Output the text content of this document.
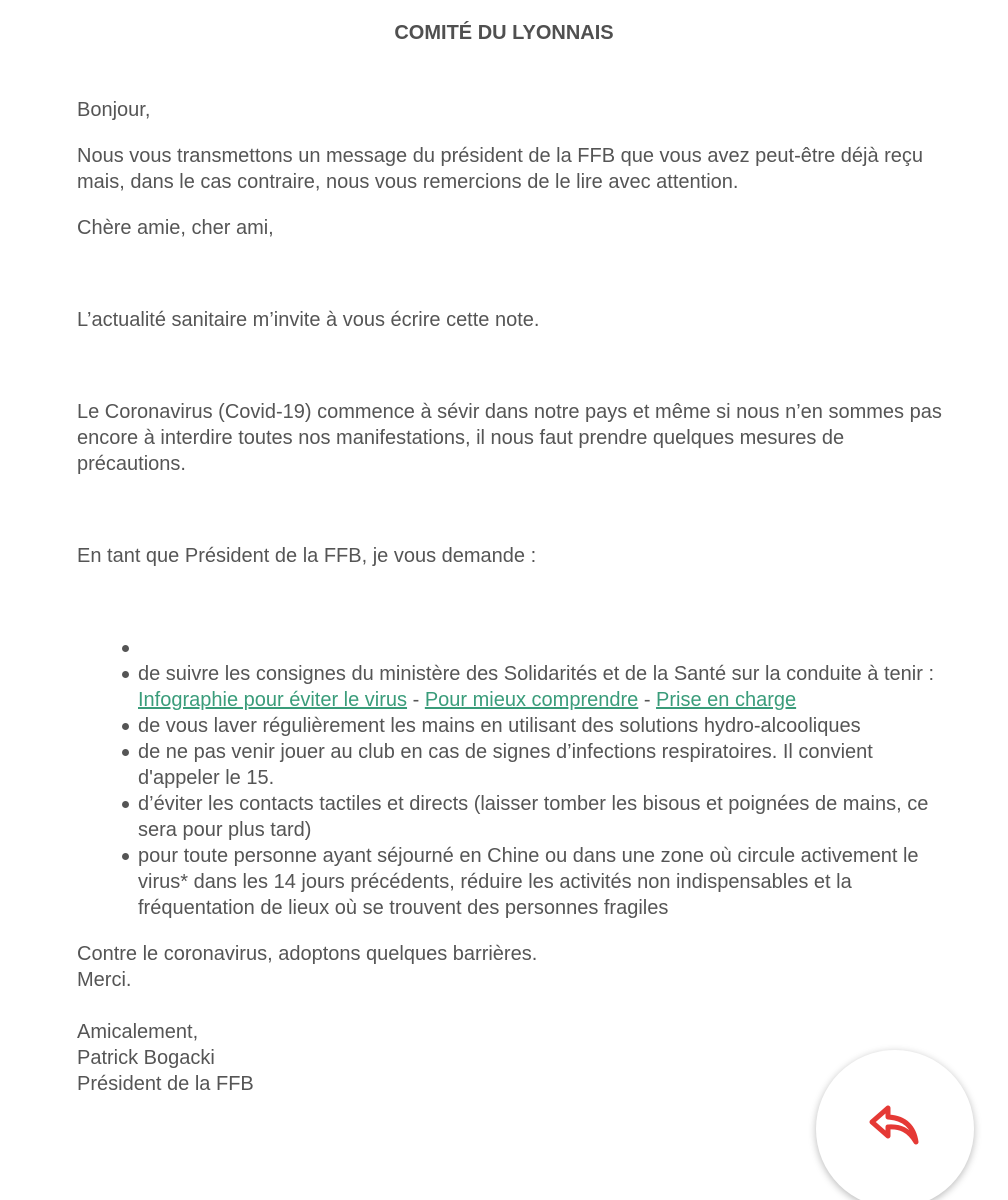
COMITÉ DU LYONNAIS

Bonjour,

Nous vous transmettons un message du président de la FFB que vous avez peut-être déjà reçu mais, dans le cas contraire, nous vous remercions de le lire avec attention.

Chère amie, cher ami,

L’actualité sanitaire m’invite à vous écrire cette note.

Le Coronavirus (Covid-19) commence à sévir dans notre pays et même si nous n’en sommes pas encore à interdire toutes nos manifestations, il nous faut prendre quelques mesures de précautions.

En tant que Président de la FFB, je vous demande :

de suivre les consignes du ministère des Solidarités et de la Santé sur la conduite à tenir : Infographie pour éviter le virus - Pour mieux comprendre - Prise en charge
de vous laver régulièrement les mains en utilisant des solutions hydro-alcooliques
de ne pas venir jouer au club en cas de signes d’infections respiratoires. Il convient d'appeler le 15.
d’éviter les contacts tactiles et directs (laisser tomber les bisous et poignées de mains, ce sera pour plus tard)
pour toute personne ayant séjourné en Chine ou dans une zone où circule activement le virus* dans les 14 jours précédents, réduire les activités non indispensables et la fréquentation de lieux où se trouvent des personnes fragiles

Contre le coronavirus, adoptons quelques barrières.

Merci.

Amicalement,

Patrick Bogacki

Président de la FFB
